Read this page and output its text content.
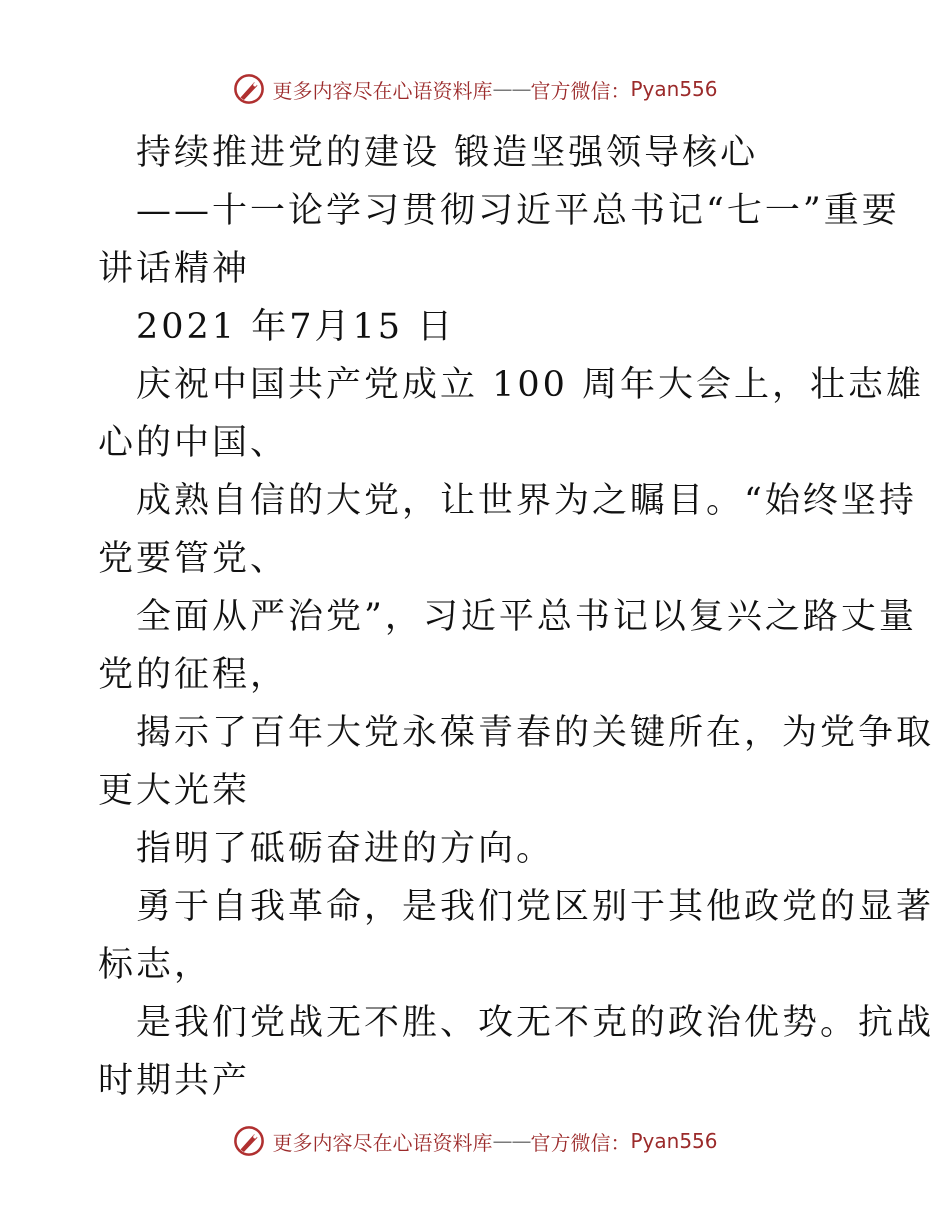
更多内容尽在心语资料库 —— 官方微信： Pyan556
持续推进党的建设 锻造坚强领导核心
——十一论学习贯彻习近平总书记“七一”重要
讲话精神
2021 年7月15 日
庆祝中国共产党成立 100 周年大会上，壮志雄
心的中国、
成熟自信的大党，让世界为之瞩目。“始终坚持
党要管党、
全面从严治党”，习近平总书记以复兴之路丈量
党的征程，
揭示了百年大党永葆青春的关键所在，为党争取
更大光荣
指明了砥砺奋进的方向。
勇于自我革命，是我们党区别于其他政党的显著
标志，
是我们党战无不胜、攻无不克的政治优势。抗战
时期共产
更多内容尽在心语资料库 —— 官方微信： Pyan556
